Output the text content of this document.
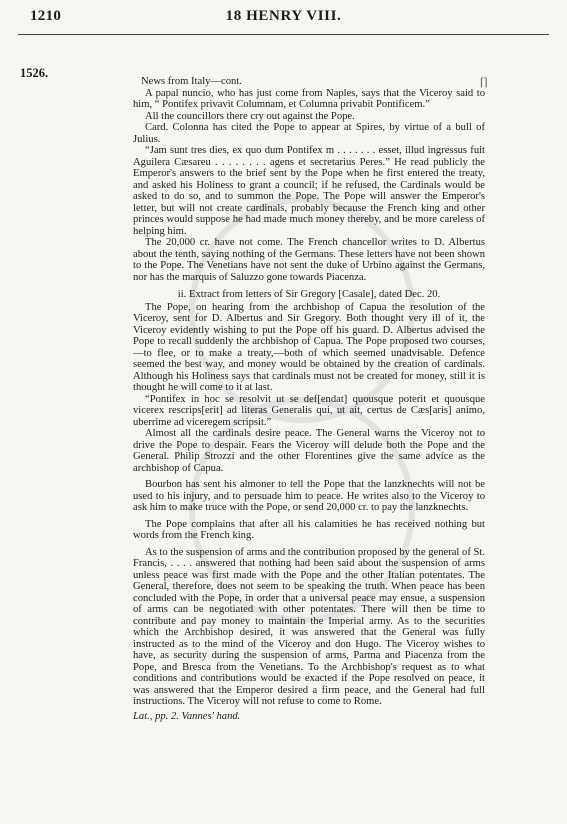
1210	18 HENRY VIII.
1526.
⌈⌉

News from Italy—cont.

A papal nuncio, who has just come from Naples, says that the Viceroy said to him, “ Pontifex privavit Columnam, et Columna privabit Pontificem.”

All the councillors there cry out against the Pope.

Card. Colonna has cited the Pope to appear at Spires, by virtue of a bull of Julius.

“Jam sunt tres dies, ex quo dum Pontifex m . . . . . . . esset, illud ingressus fuit Aguilera Cæsareu . . . . . . . . agens et secretarius Peres.” He read publicly the Emperor's answers to the brief sent by the Pope when he first entered the treaty, and asked his Holiness to grant a council; if he refused, the Cardinals would be asked to do so, and to summon the Pope. The Pope will answer the Emperor's letter, but will not create cardinals, probably because the French king and other princes would suppose he had made much money thereby, and be more careless of helping him.

The 20,000 cr. have not come. The French chancellor writes to D. Albertus about the tenth, saying nothing of the Germans. These letters have not been shown to the Pope. The Venetians have not sent the duke of Urbino against the Germans, nor has the marquis of Saluzzo gone towards Piacenza.

ii. Extract from letters of Sir Gregory [Casale], dated Dec. 20.

The Pope, on hearing from the archbishop of Capua the resolution of the Viceroy, sent for D. Albertus and Sir Gregory. Both thought very ill of it, the Viceroy evidently wishing to put the Pope off his guard. D. Albertus advised the Pope to recall suddenly the archbishop of Capua. The Pope proposed two courses,—to flee, or to make a treaty,—both of which seemed unadvisable. Defence seemed the best way, and money would be obtained by the creation of cardinals. Although his Holiness says that cardinals must not be created for money, still it is thought he will come to it at last.

“Pontifex in hoc se resolvit ut se def[endat] quousque poterit et quousque vicerex rescrips[erit] ad literas Generalis qui, ut ait, certus de Cæs[aris] animo, uberrime ad viceregem scripsit.”

Almost all the cardinals desire peace. The General warns the Viceroy not to drive the Pope to despair. Fears the Viceroy will delude both the Pope and the General. Philip Strozzi and the other Florentines give the same advice as the archbishop of Capua.

Bourbon has sent his almoner to tell the Pope that the lanzknechts will not be used to his injury, and to persuade him to peace. He writes also to the Viceroy to ask him to make truce with the Pope, or send 20,000 cr. to pay the lanzknechts.

The Pope complains that after all his calamities he has received nothing but words from the French king.

As to the suspension of arms and the contribution proposed by the general of St. Francis, . . . . answered that nothing had been said about the suspension of arms unless peace was first made with the Pope and the other Italian potentates. The General, therefore, does not seem to be speaking the truth. When peace has been concluded with the Pope, in order that a universal peace may ensue, a suspension of arms can be negotiated with other potentates. There will then be time to contribute and pay money to maintain the Imperial army. As to the securities which the Archbishop desired, it was answered that the General was fully instructed as to the mind of the Viceroy and don Hugo. The Viceroy wishes to have, as security during the suspension of arms, Parma and Piacenza from the Pope, and Bresca from the Venetians. To the Archbishop's request as to what conditions and contributions would be exacted if the Pope resolved on peace, it was answered that the Emperor desired a firm peace, and the General had full instructions. The Viceroy will not refuse to come to Rome.

Lat., pp. 2. Vannes' hand.
